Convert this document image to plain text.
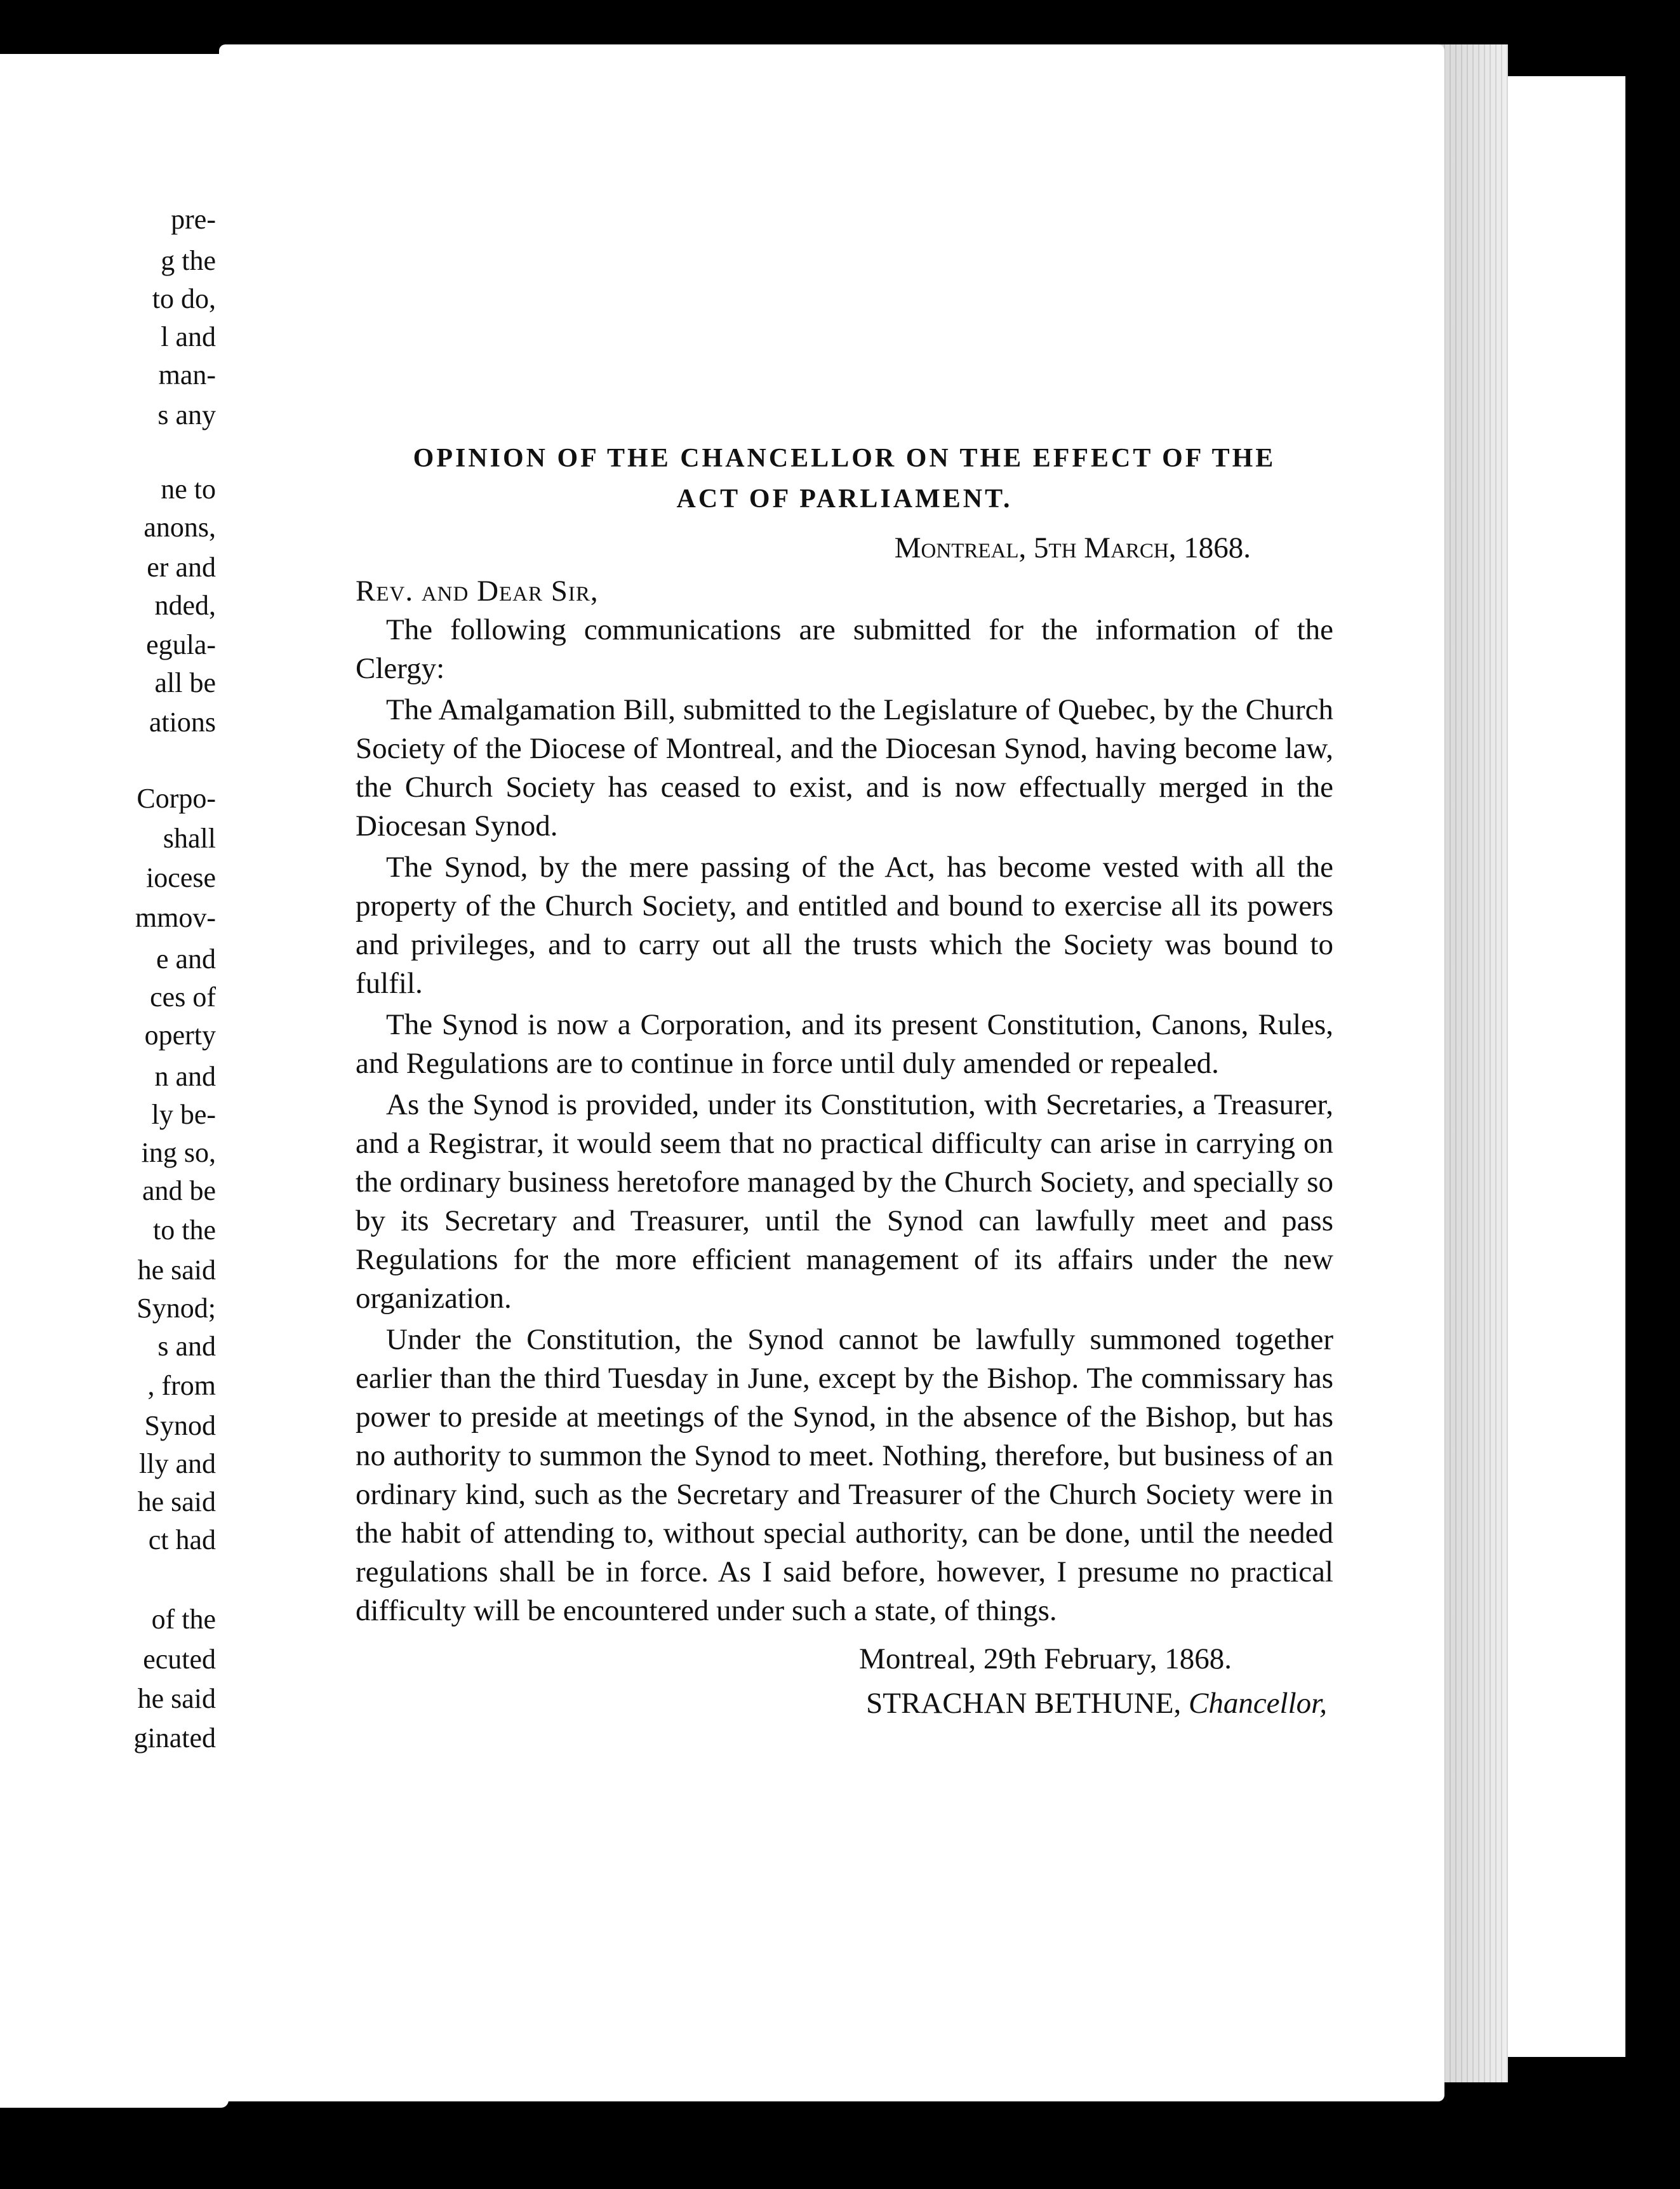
pre-
g the
to do,
l and
man-
s any
ne to
anons,
er and
nded,
egula-
all be
ations
Corpo-
shall
iocese
mmov-
e and
ces of
operty
n and
ly be-
ing so,
and be
to the
he said
Synod;
s and
, from
Synod
lly and
he said
ct had
of the
ecuted
he said
ginated

OPINION OF THE CHANCELLOR ON THE EFFECT OF THE
ACT OF PARLIAMENT.

Montreal, 5th March, 1868.
Rev. and Dear Sir,

The following communications are submitted for the information of the Clergy:

The Amalgamation Bill, submitted to the Legislature of Quebec, by the Church Society of the Diocese of Montreal, and the Diocesan Synod, having become law, the Church Society has ceased to exist, and is now effectually merged in the Diocesan Synod.

The Synod, by the mere passing of the Act, has become vested with all the property of the Church Society, and entitled and bound to exercise all its powers and privileges, and to carry out all the trusts which the Society was bound to fulfil.

The Synod is now a Corporation, and its present Constitution, Canons, Rules, and Regulations are to continue in force until duly amended or repealed.

As the Synod is provided, under its Constitution, with Secretaries, a Treasurer, and a Registrar, it would seem that no practical difficulty can arise in carrying on the ordinary business heretofore managed by the Church Society, and specially so by its Secretary and Treasurer, until the Synod can lawfully meet and pass Regulations for the more efficient management of its affairs under the new organization.

Under the Constitution, the Synod cannot be lawfully summoned together earlier than the third Tuesday in June, except by the Bishop. The commissary has power to preside at meetings of the Synod, in the absence of the Bishop, but has no authority to summon the Synod to meet. Nothing, therefore, but business of an ordinary kind, such as the Secretary and Treasurer of the Church Society were in the habit of attending to, without special authority, can be done, until the needed regulations shall be in force. As I said before, however, I presume no practical difficulty will be encountered under such a state, of things.

Montreal, 29th February, 1868.
STRACHAN BETHUNE, Chancellor,
